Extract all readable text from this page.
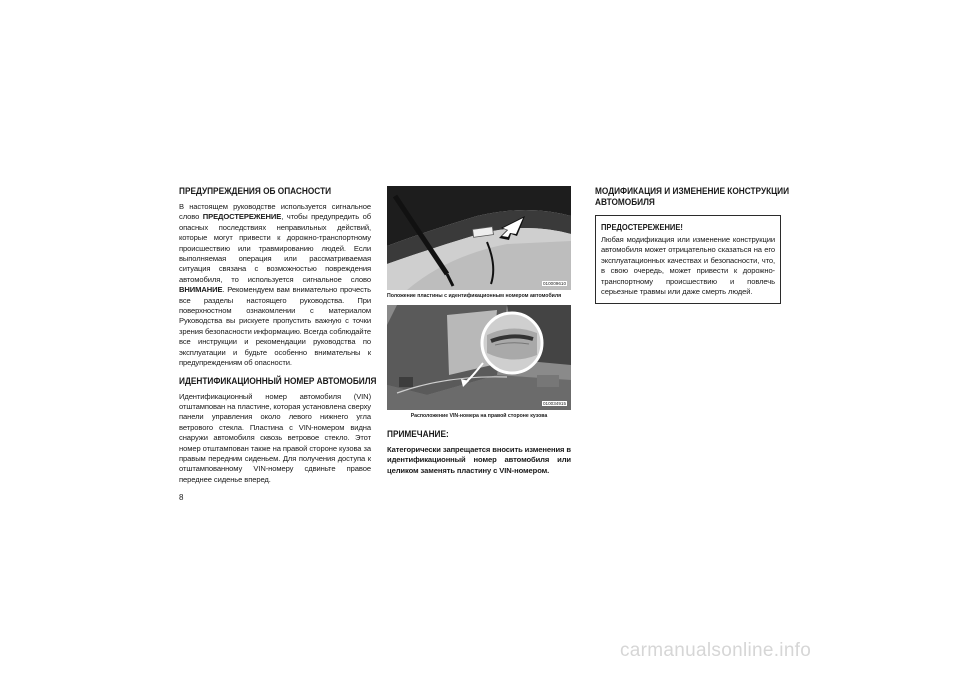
ПРЕДУПРЕЖДЕНИЯ ОБ ОПАСНОСТИ

В настоящем руководстве используется сигнальное слово ПРЕДОСТЕРЕЖЕНИЕ, чтобы предупредить об опасных последствиях неправильных действий, которые могут привести к дорожно-транспортному происшествию или травмированию людей. Если выполняемая операция или рассматриваемая ситуация связана с возможностью повреждения автомобиля, то используется сигнальное слово ВНИМАНИЕ. Рекомендуем вам внимательно прочесть все разделы настоящего руководства. При поверхностном ознакомлении с материалом Руководства вы рискуете пропустить важную с точки зрения безопасности информацию. Всегда соблюдайте все инструкции и рекомендации руководства по эксплуатации и будьте особенно внимательны к предупреждениям об опасности.

ИДЕНТИФИКАЦИОННЫЙ НОМЕР АВТОМОБИЛЯ

Идентификационный номер автомобиля (VIN) отштампован на пластине, которая установлена сверху панели управления около левого нижнего угла ветрового стекла. Пластина с VIN-номером видна снаружи автомобиля сквозь ветровое стекло. Этот номер отштампован также на правой стороне кузова за правым передним сиденьем. Для получения доступа к отштампованному VIN-номеру сдвиньте правое переднее сиденье вперед.

010009610
Положение пластины с идентификационным номером автомобиля
010034915
Расположение VIN-номера на правой стороне кузова
ПРИМЕЧАНИЕ:

Категорически запрещается вносить изменения в идентификационный номер автомобиля или целиком заменять пластину с VIN-номером.

МОДИФИКАЦИЯ И ИЗМЕНЕНИЕ КОНСТРУКЦИИ
АВТОМОБИЛЯ
ПРЕДОСТЕРЕЖЕНИЕ!

Любая модификация или изменение конструкции автомобиля может отрицательно сказаться на его эксплуатационных качествах и безопасности, что, в свою очередь, может привести к дорожно-транспортному происшествию и повлечь серьезные травмы или даже смерть людей.

8
carmanualsonline.info
